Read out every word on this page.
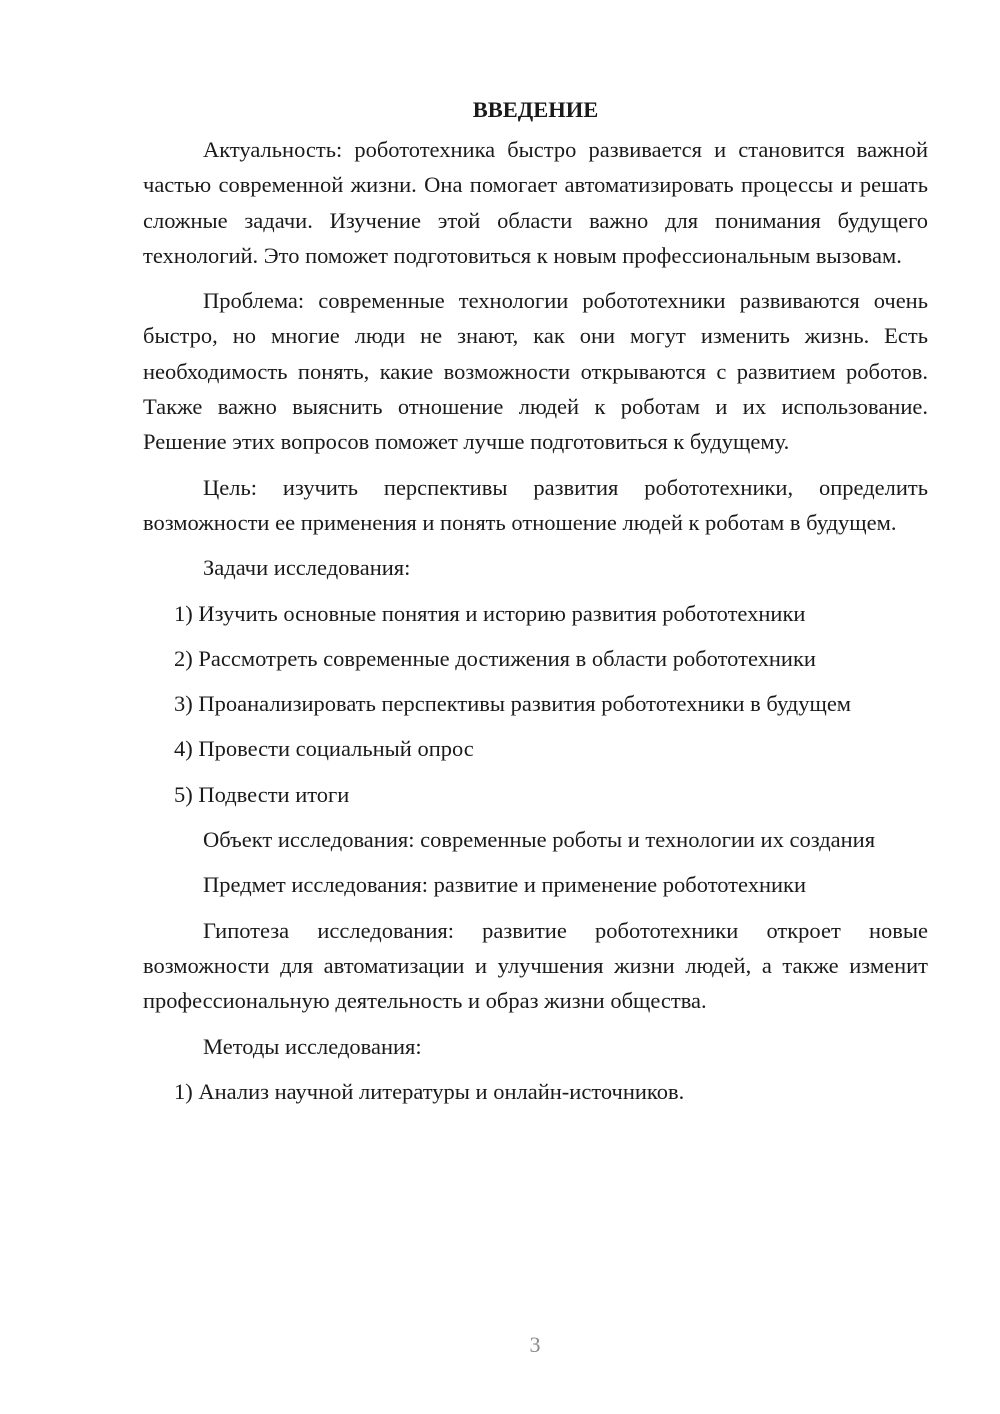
ВВЕДЕНИЕ

Актуальность: робототехника быстро развивается и становится важной частью современной жизни. Она помогает автоматизировать процессы и решать сложные задачи. Изучение этой области важно для понимания будущего технологий. Это поможет подготовиться к новым профессиональным вызовам.

Проблема: современные технологии робототехники развиваются очень быстро, но многие люди не знают, как они могут изменить жизнь. Есть необходимость понять, какие возможности открываются с развитием роботов. Также важно выяснить отношение людей к роботам и их использование. Решение этих вопросов поможет лучше подготовиться к будущему.

Цель: изучить перспективы развития робототехники, определить возможности ее применения и понять отношение людей к роботам в будущем.

Задачи исследования:

1) Изучить основные понятия и историю развития робототехники

2) Рассмотреть современные достижения в области робототехники

3) Проанализировать перспективы развития робототехники в будущем

4) Провести социальный опрос

5) Подвести итоги

Объект исследования: современные роботы и технологии их создания

Предмет исследования: развитие и применение робототехники

Гипотеза исследования: развитие робототехники откроет новые возможности для автоматизации и улучшения жизни людей, а также изменит профессиональную деятельность и образ жизни общества.

Методы исследования:

1) Анализ научной литературы и онлайн-источников.

3
